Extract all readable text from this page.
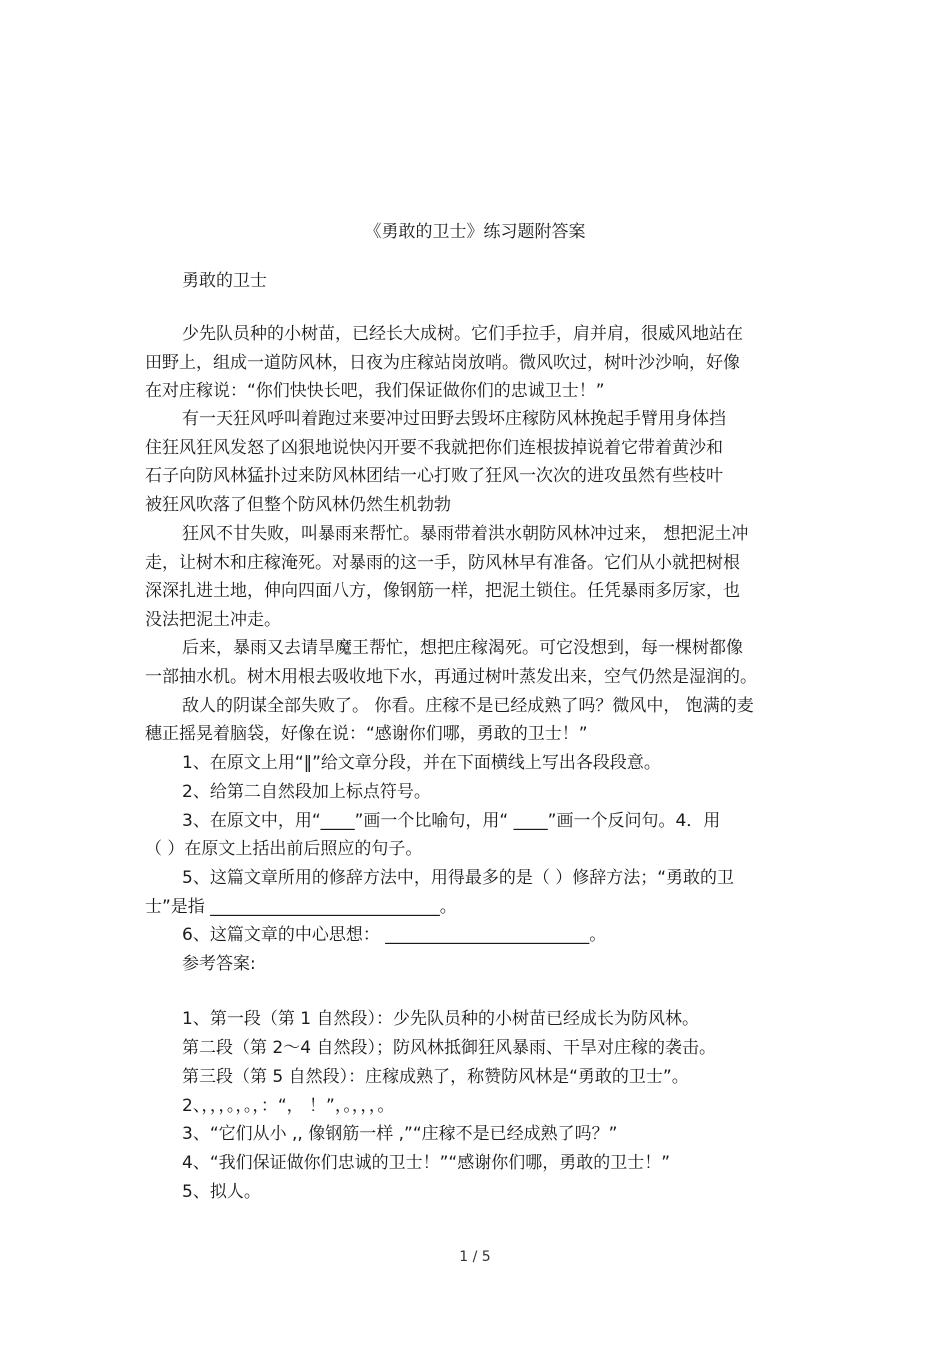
《勇敢的卫士》练习题附答案
勇敢的卫士
少先队员种的小树苗，已经长大成树。它们手拉手，肩并肩，很威风地站在
田野上，组成一道防风林，日夜为庄稼站岗放哨。微风吹过，树叶沙沙响，好像
在对庄稼说：“你们快快长吧，我们保证做你们的忠诚卫士！”
有一天狂风呼叫着跑过来要冲过田野去毁坏庄稼防风林挽起手臂用身体挡
住狂风狂风发怒了凶狠地说快闪开要不我就把你们连根拔掉说着它带着黄沙和
石子向防风林猛扑过来防风林团结一心打败了狂风一次次的进攻虽然有些枝叶
被狂风吹落了但整个防风林仍然生机勃勃
狂风不甘失败，叫暴雨来帮忙。暴雨带着洪水朝防风林冲过来， 想把泥土冲
走，让树木和庄稼淹死。对暴雨的这一手，防风林早有准备。它们从小就把树根
深深扎进土地，伸向四面八方，像钢筋一样，把泥土锁住。任凭暴雨多厉家，也
没法把泥土冲走。
后来，暴雨又去请旱魔王帮忙，想把庄稼渴死。可它没想到，每一棵树都像
一部抽水机。树木用根去吸收地下水，再通过树叶蒸发出来，空气仍然是湿润的。
敌人的阴谋全部失败了。 你看。庄稼不是已经成熟了吗？微风中， 饱满的麦
穗正摇晃着脑袋，好像在说：“感谢你们哪，勇敢的卫士！”
1、在原文上用“‖”给文章分段，并在下面横线上写出各段段意。
2、给第二自然段加上标点符号。
3、在原文中，用“____”画一个比喻句，用“ ____”画一个反问句。4．用
（ ）在原文上括出前后照应的句子。
5、这篇文章所用的修辞方法中，用得最多的是（ ）修辞方法；“勇敢的卫
士”是指 ___________________________。
6、这篇文章的中心思想： ________________________。
参考答案:
1、第一段（第 1 自然段）：少先队员种的小树苗已经成长为防风林。
第二段（第 2～4 自然段）；防风林抵御狂风暴雨、干旱对庄稼的袭击。
第三段（第 5 自然段）：庄稼成熟了，称赞防风林是“勇敢的卫士”。
2、，，，。，。，：“， ！”，。，，，。
3、“它们从小 ,, 像钢筋一样 ,”“庄稼不是已经成熟了吗？”
4、“我们保证做你们忠诚的卫士！”“感谢你们哪，勇敢的卫士！”
5、拟人。
1 / 5
